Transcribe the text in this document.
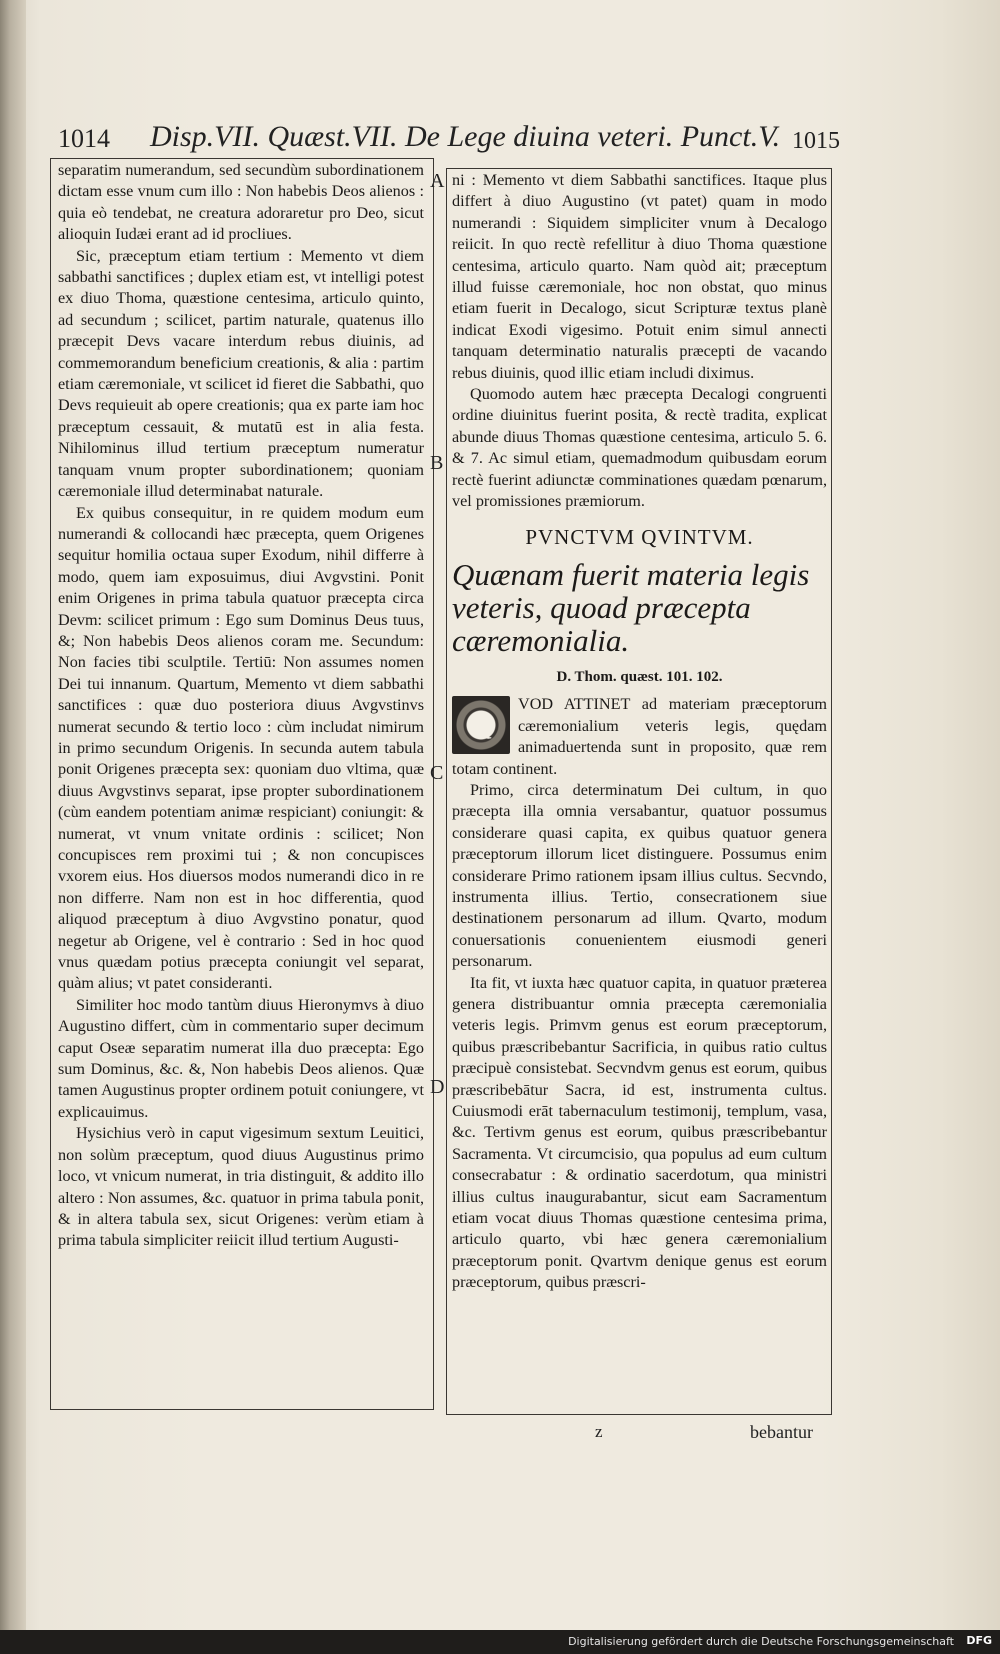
1014 Disp.VII. Quæst.VII. De Lege diuina veteri. Punct.V. 1015

separatim numerandum, sed secundùm subordinationem dictam esse vnum cum illo : Non habebis Deos alienos : quia eò tendebat, ne creatura adoraretur pro Deo, sicut alioquin Iudæi erant ad id procliues.

Sic, præceptum etiam tertium : Memento vt diem sabbathi sanctifices ; duplex etiam est, vt intelligi potest ex diuo Thoma, quæstione centesima, articulo quinto, ad secundum ; scilicet, partim naturale, quatenus illo præcepit Devs vacare interdum rebus diuinis, ad commemorandum beneficium creationis, & alia : partim etiam cæremoniale, vt scilicet id fieret die Sabbathi, quo Devs requieuit ab opere creationis; qua ex parte iam hoc præceptum cessauit, & mutatū est in alia festa. Nihilominus illud tertium præceptum numeratur tanquam vnum propter subordinationem; quoniam cæremoniale illud determinabat naturale.

Ex quibus consequitur, in re quidem modum eum numerandi & collocandi hæc præcepta, quem Origenes sequitur homilia octaua super Exodum, nihil differre à modo, quem iam exposuimus, diui Avgvstini. Ponit enim Origenes in prima tabula quatuor præcepta circa Devm: scilicet primum : Ego sum Dominus Deus tuus, &; Non habebis Deos alienos coram me. Secundum: Non facies tibi sculptile. Tertiū: Non assumes nomen Dei tui innanum. Quartum, Memento vt diem sabbathi sanctifices : quæ duo posteriora diuus Avgvstinvs numerat secundo & tertio loco : cùm includat nimirum in primo secundum Origenis. In secunda autem tabula ponit Origenes præcepta sex: quoniam duo vltima, quæ diuus Avgvstinvs separat, ipse propter subordinationem (cùm eandem potentiam animæ respiciant) coniungit: & numerat, vt vnum vnitate ordinis : scilicet; Non concupisces rem proximi tui ; & non concupisces vxorem eius. Hos diuersos modos numerandi dico in re non differre. Nam non est in hoc differentia, quod aliquod præceptum à diuo Avgvstino ponatur, quod negetur ab Origene, vel è contrario : Sed in hoc quod vnus quædam potius præcepta coniungit vel separat, quàm alius; vt patet consideranti.

Similiter hoc modo tantùm diuus Hieronymvs à diuo Augustino differt, cùm in commentario super decimum caput Oseæ separatim numerat illa duo præcepta: Ego sum Dominus, &c. &, Non habebis Deos alienos. Quæ tamen Augustinus propter ordinem potuit coniungere, vt explicauimus.

Hysichius verò in caput vigesimum sextum Leuitici, non solùm præceptum, quod diuus Augustinus primo loco, vt vnicum numerat, in tria distinguit, & addito illo altero : Non assumes, &c. quatuor in prima tabula ponit, & in altera tabula sex, sicut Origenes: verùm etiam à prima tabula simpliciter reiicit illud tertium Augusti-

A
B
C
D

ni : Memento vt diem Sabbathi sanctifices. Itaque plus differt à diuo Augustino (vt patet) quam in modo numerandi : Siquidem simpliciter vnum à Decalogo reiicit. In quo rectè refellitur à diuo Thoma quæstione centesima, articulo quarto. Nam quòd ait; præceptum illud fuisse cæremoniale, hoc non obstat, quo minus etiam fuerit in Decalogo, sicut Scripturæ textus planè indicat Exodi vigesimo. Potuit enim simul annecti tanquam determinatio naturalis præcepti de vacando rebus diuinis, quod illic etiam includi diximus.

Quomodo autem hæc præcepta Decalogi congruenti ordine diuinitus fuerint posita, & rectè tradita, explicat abunde diuus Thomas quæstione centesima, articulo 5. 6. & 7. Ac simul etiam, quemadmodum quibusdam eorum rectè fuerint adiunctæ comminationes quædam pœnarum, vel promissiones præmiorum.

PVNCTVM QVINTVM.
Quænam fuerit materia legis veteris, quoad præcepta cæremonialia.
D. Thom. quæst. 101. 102.
Q
VOD ATTINET ad materiam præceptorum cæremonialium veteris legis, quędam animaduertenda sunt in proposito, quæ rem totam continent.

Primo, circa determinatum Dei cultum, in quo præcepta illa omnia versabantur, quatuor possumus considerare quasi capita, ex quibus quatuor genera præceptorum illorum licet distinguere. Possumus enim considerare Primo rationem ipsam illius cultus. Secvndo, instrumenta illius. Tertio, consecrationem siue destinationem personarum ad illum. Qvarto, modum conuersationis conuenientem eiusmodi generi personarum.

Ita fit, vt iuxta hæc quatuor capita, in quatuor præterea genera distribuantur omnia præcepta cæremonialia veteris legis. Primvm genus est eorum præceptorum, quibus præscribebantur Sacrificia, in quibus ratio cultus præcipuè consistebat. Secvndvm genus est eorum, quibus præscribebātur Sacra, id est, instrumenta cultus. Cuiusmodi erāt tabernaculum testimonij, templum, vasa, &c. Tertivm genus est eorum, quibus præscribebantur Sacramenta. Vt circumcisio, qua populus ad eum cultum consecrabatur : & ordinatio sacerdotum, qua ministri illius cultus inaugurabantur, sicut eam Sacramentum etiam vocat diuus Thomas quæstione centesima prima, articulo quarto, vbi hæc genera cæremonialium præceptorum ponit. Qvartvm denique genus est eorum præceptorum, quibus præscri-

z	bebantur
Digitalisierung gefördert durch die Deutsche Forschungsgemeinschaft DFG
